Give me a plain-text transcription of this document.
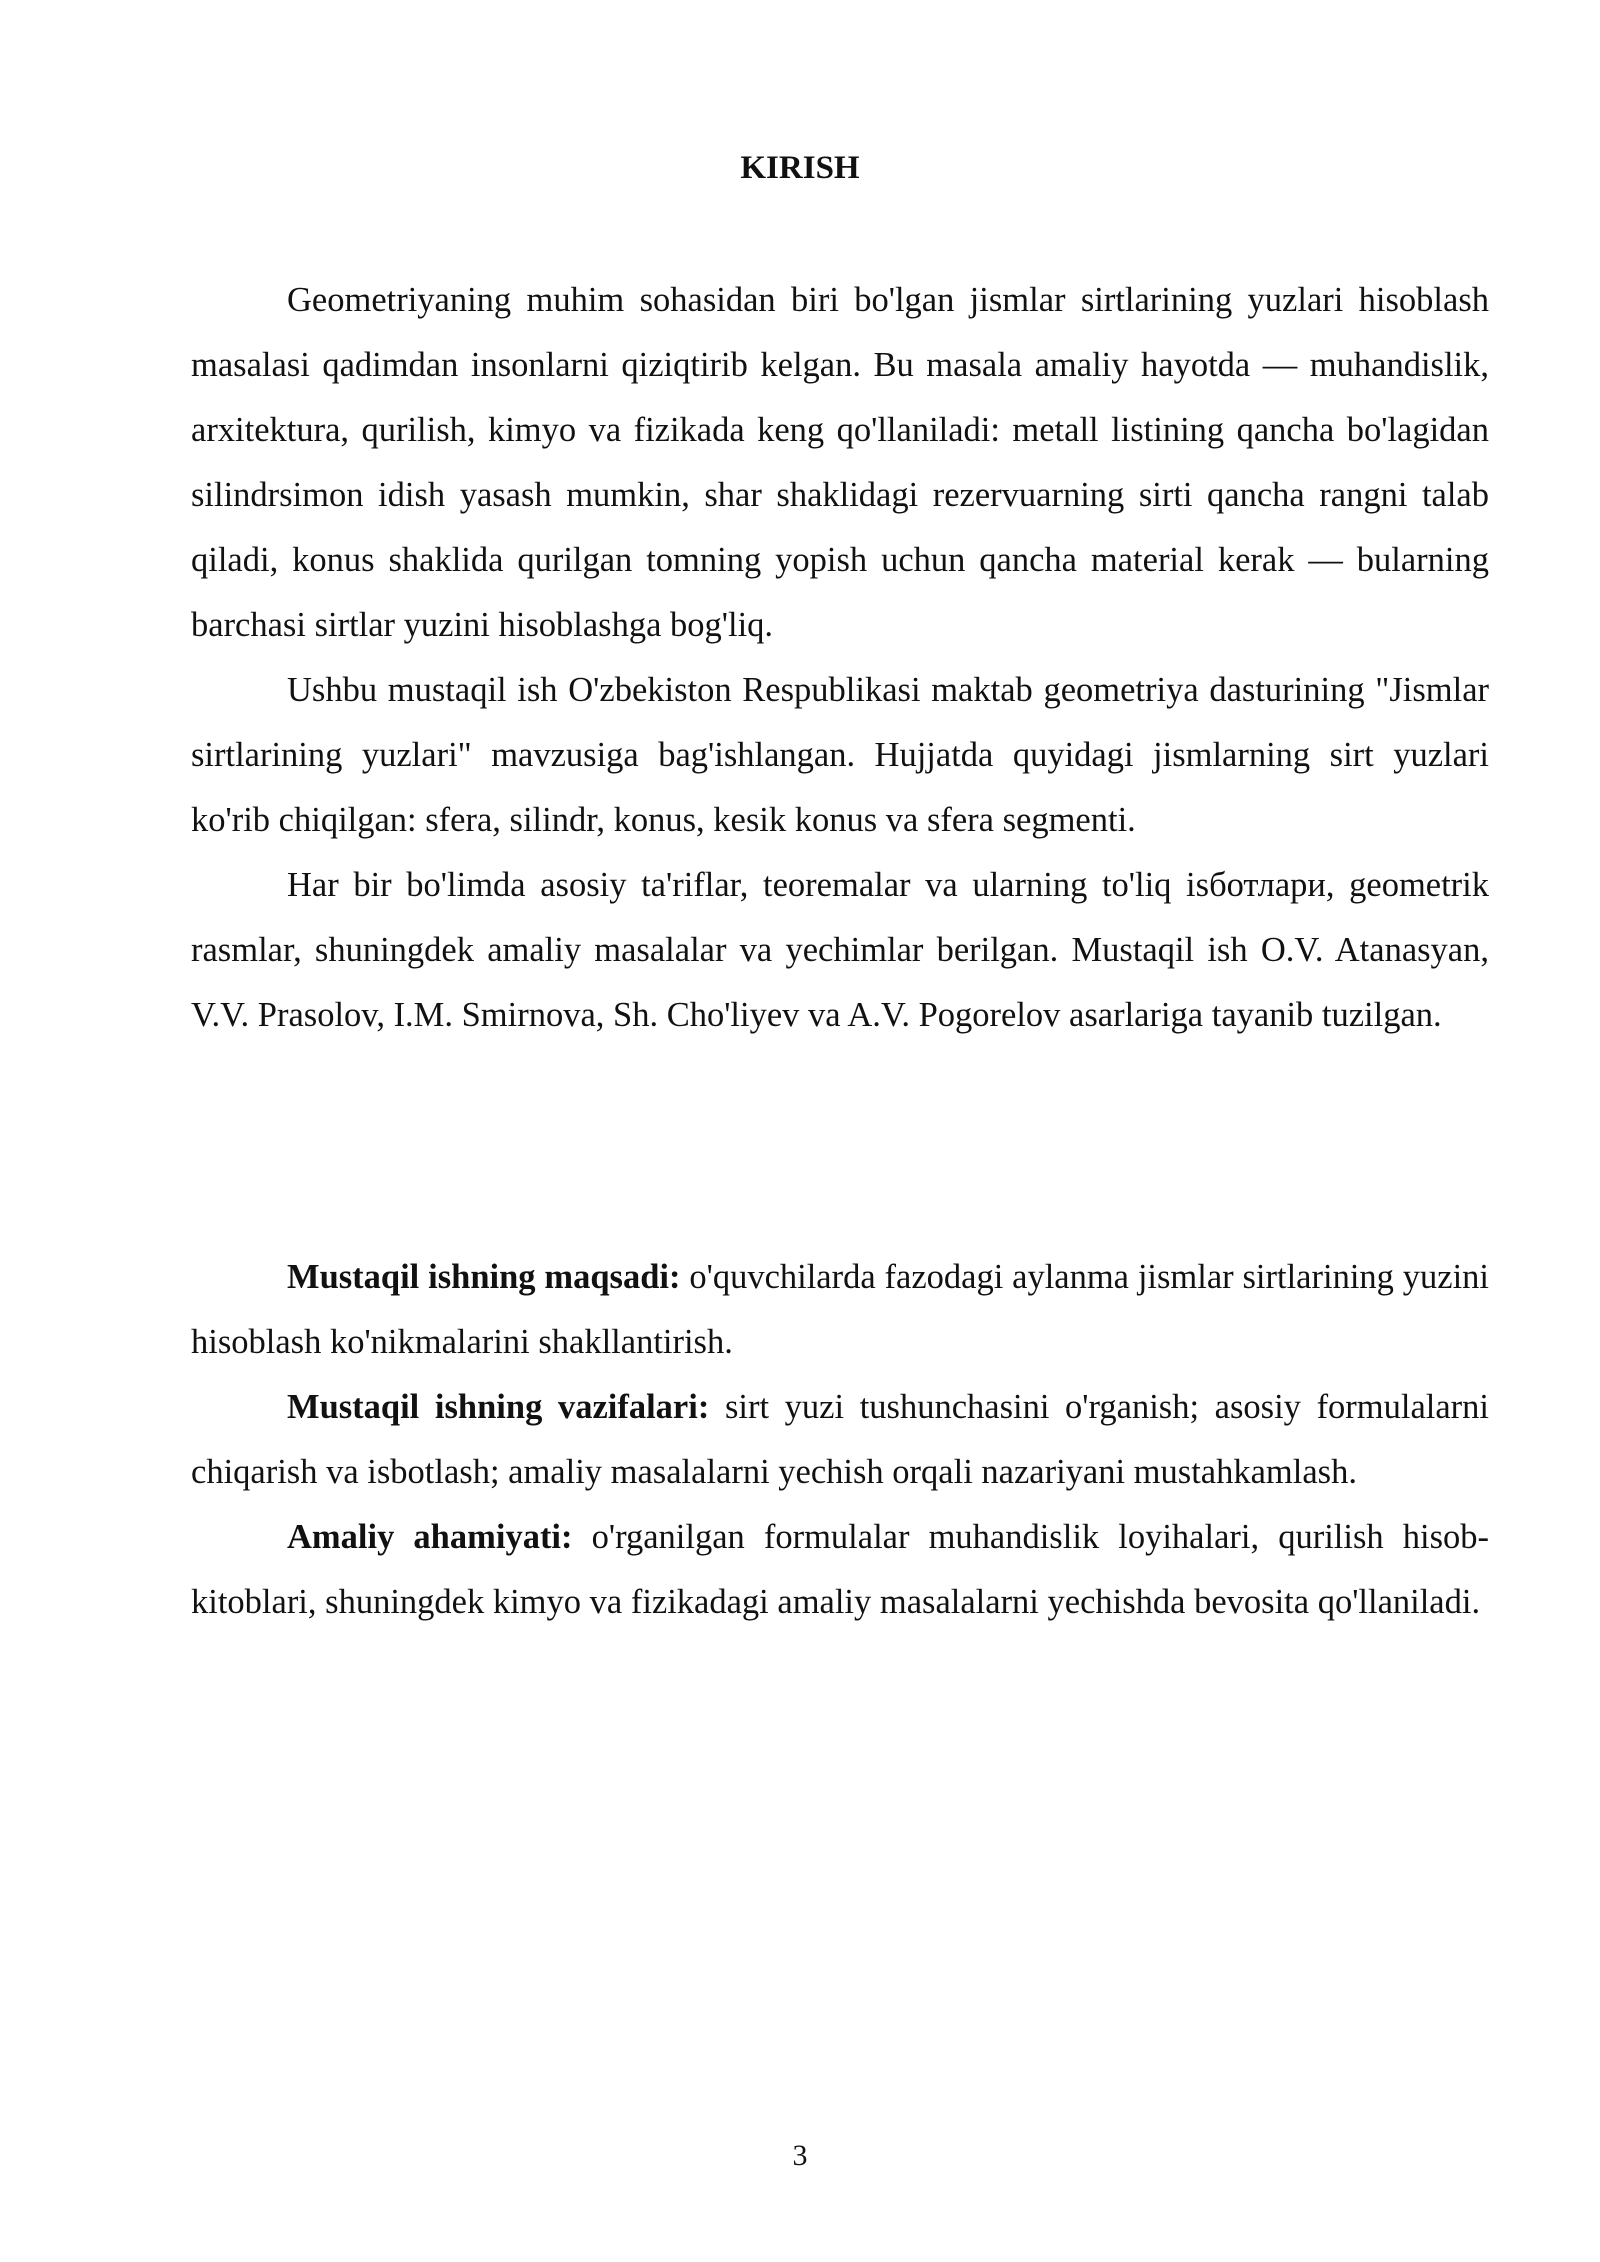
KIRISH

Geometriyaning muhim sohasidan biri bo'lgan jismlar sirtlarining yuzlari hisoblash masalasi qadimdan insonlarni qiziqtirib kelgan. Bu masala amaliy hayotda — muhandislik, arxitektura, qurilish, kimyo va fizikada keng qo'llaniladi: metall listining qancha bo'lagidan silindrsimon idish yasash mumkin, shar shaklidagi rezervuarning sirti qancha rangni talab qiladi, konus shaklida qurilgan tomning yopish uchun qancha material kerak — bularning barchasi sirtlar yuzini hisoblashga bog'liq.

Ushbu mustaqil ish O'zbekiston Respublikasi maktab geometriya dasturining "Jismlar sirtlarining yuzlari" mavzusiga bag'ishlangan. Hujjatda quyidagi jismlarning sirt yuzlari ko'rib chiqilgan: sfera, silindr, konus, kesik konus va sfera segmenti.

Har bir bo'limda asosiy ta'riflar, teoremalar va ularning to'liq isботлари, geometrik rasmlar, shuningdek amaliy masalalar va yechimlar berilgan. Mustaqil ish O.V. Atanasyan, V.V. Prasolov, I.M. Smirnova, Sh. Cho'liyev va A.V. Pogorelov asarlariga tayanib tuzilgan.

Mustaqil ishning maqsadi: o'quvchilarda fazodagi aylanma jismlar sirtlarining yuzini hisoblash ko'nikmalarini shakllantirish.

Mustaqil ishning vazifalari: sirt yuzi tushunchasini o'rganish; asosiy formulalarni chiqarish va isbotlash; amaliy masalalarni yechish orqali nazariyani mustahkamlash.

Amaliy ahamiyati: o'rganilgan formulalar muhandislik loyihalari, qurilish hisob-kitoblari, shuningdek kimyo va fizikadagi amaliy masalalarni yechishda bevosita qo'llaniladi.

3
